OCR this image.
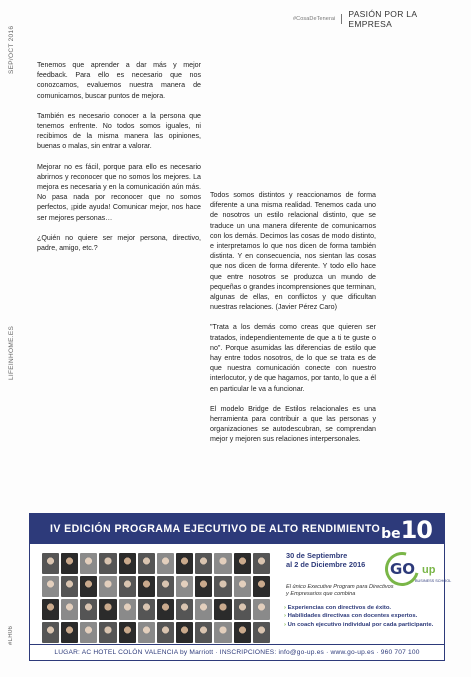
#CosaDeTenerai PASIÓN POR LA EMPRESA
SEP/OCT 2016
LIFEINHOME.ES
#LH06

Tenemos que aprender a dar más y mejor feedback. Para ello es necesario que nos conozcamos, evaluemos nuestra manera de comunicarnos, buscar puntos de mejora.

También es necesario conocer a la persona que tenemos enfrente. No todos somos iguales, ni recibimos de la misma manera las opiniones, buenas o malas, sin entrar a valorar.

Mejorar no es fácil, porque para ello es necesario abrirnos y reconocer que no somos los mejores. La mejora es necesaria y en la comunicación aún más. No pasa nada por reconocer que no somos perfectos, ¡pide ayuda! Comunicar mejor, nos hace ser mejores personas…

¿Quién no quiere ser mejor persona, directivo, padre, amigo, etc.?

Todos somos distintos y reaccionamos de forma diferente a una misma realidad. Tenemos cada uno de nosotros un estilo relacional distinto, que se traduce un una manera diferente de comunicarnos con los demás. Decimos las cosas de modo distinto, e interpretamos lo que nos dicen de forma también distinta. Y en consecuencia, nos sientan las cosas que nos dicen de forma diferente. Y todo ello hace que entre nosotros se produzca un mundo de pequeñas o grandes incomprensiones que terminan, algunas de ellas, en conflictos y que dificultan nuestras relaciones. (Javier Pérez Caro)

"Trata a los demás como creas que quieren ser tratados, independientemente de que a ti te guste o no". Porque asumidas las diferencias de estilo que hay entre todos nosotros, de lo que se trata es de que nuestra comunicación conecte con nuestro interlocutor, y de que hagamos, por tanto, lo que a él en particular le va a funcionar.

El modelo Bridge de Estilos relacionales es una herramienta para contribuir a que las personas y organizaciones se autodescubran, se comprendan mejor y mejoren sus relaciones interpersonales.

IV EDICIÓN PROGRAMA EJECUTIVO DE ALTO RENDIMIENTO be 10
30 de Septiembre
al 2 de Diciembre 2016 GO up
BUSINESS SCHOOL
El único Executive Program para Directivos y Empresarios que combina
› Experiencias con directivos de éxito.
› Habilidades directivas con docentes expertos.
› Un coach ejecutivo individual por cada participante.
LUGAR: AC HOTEL COLÓN VALENCIA by Marriott · INSCRIPCIONES: info@go-up.es · www.go-up.es · 960 707 100
